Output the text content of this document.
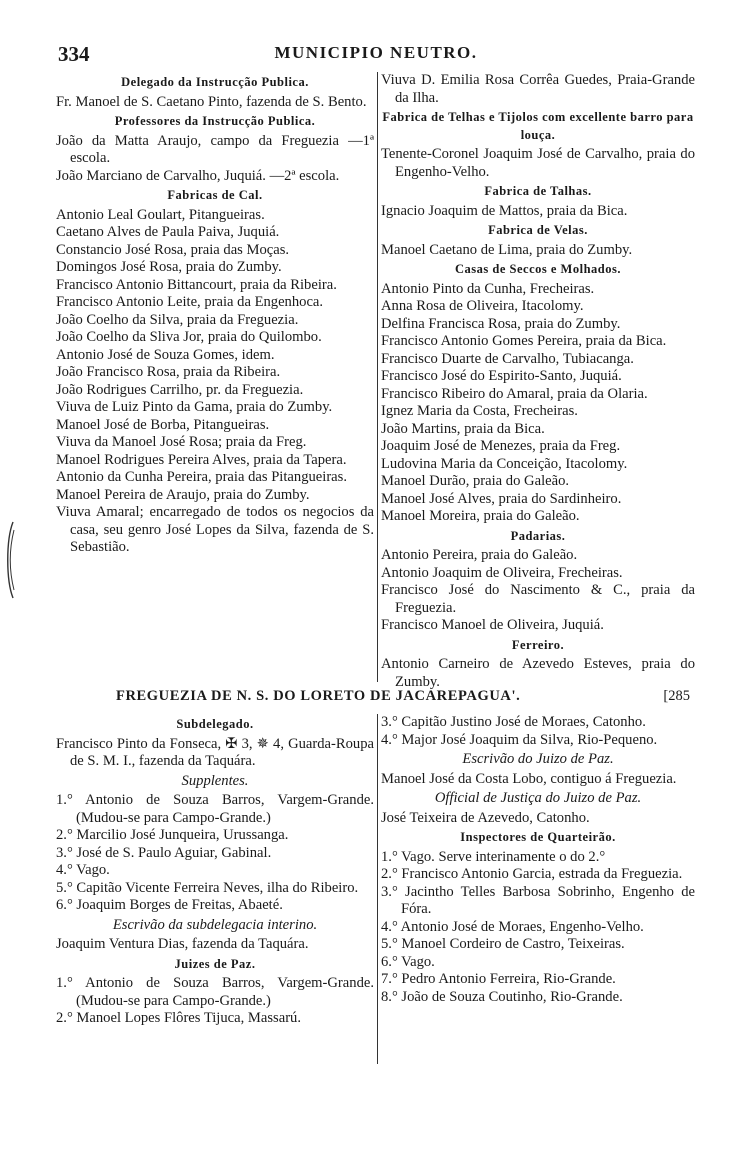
334	MUNICIPIO NEUTRO.
Delegado da Instrucção Publica.
Fr. Manoel de S. Caetano Pinto, fazenda de S. Bento.
Professores da Instrucção Publica.
João da Matta Araujo, campo da Freguezia —1ª escola.
João Marciano de Carvalho, Juquiá. —2ª escola.
Fabricas de Cal.
Antonio Leal Goulart, Pitangueiras.
Caetano Alves de Paula Paiva, Juquiá.
Constancio José Rosa, praia das Moças.
Domingos José Rosa, praia do Zumby.
Francisco Antonio Bittancourt, praia da Ribeira.
Francisco Antonio Leite, praia da Engenhoca.
João Coelho da Silva, praia da Freguezia.
João Coelho da Sliva Jor, praia do Quilombo.
Antonio José de Souza Gomes, idem.
João Francisco Rosa, praia da Ribeira.
João Rodrigues Carrilho, pr. da Freguezia.
Viuva de Luiz Pinto da Gama, praia do Zumby.
Manoel José de Borba, Pitangueiras.
Viuva da Manoel José Rosa; praia da Freg.
Manoel Rodrigues Pereira Alves, praia da Tapera.
Antonio da Cunha Pereira, praia das Pitangueiras.
Manoel Pereira de Araujo, praia do Zumby.
Viuva Amaral; encarregado de todos os negocios da casa, seu genro José Lopes da Silva, fazenda de S. Sebastião.
Viuva D. Emilia Rosa Corrêa Guedes, Praia-Grande da Ilha.
Fabrica de Telhas e Tijolos com excellente barro para louça.
Tenente-Coronel Joaquim José de Carvalho, praia do Engenho-Velho.
Fabrica de Talhas.
Ignacio Joaquim de Mattos, praia da Bica.
Fabrica de Velas.
Manoel Caetano de Lima, praia do Zumby.
Casas de Seccos e Molhados.
Antonio Pinto da Cunha, Frecheiras.
Anna Rosa de Oliveira, Itacolomy.
Delfina Francisca Rosa, praia do Zumby.
Francisco Antonio Gomes Pereira, praia da Bica.
Francisco Duarte de Carvalho, Tubiacanga.
Francisco José do Espirito-Santo, Juquiá.
Francisco Ribeiro do Amaral, praia da Olaria.
Ignez Maria da Costa, Frecheiras.
João Martins, praia da Bica.
Joaquim José de Menezes, praia da Freg.
Ludovina Maria da Conceição, Itacolomy.
Manoel Durão, praia do Galeão.
Manoel José Alves, praia do Sardinheiro.
Manoel Moreira, praia do Galeão.
Padarias.
Antonio Pereira, praia do Galeão.
Antonio Joaquim de Oliveira, Frecheiras.
Francisco José do Nascimento & C., praia da Freguezia.
Francisco Manoel de Oliveira, Juquiá.
Ferreiro.
Antonio Carneiro de Azevedo Esteves, praia do Zumby.
FREGUEZIA DE N. S. DO LORETO DE JACAREPAGUA'.	[285
Subdelegado.
Francisco Pinto da Fonseca, ✠ 3, ✵ 4, Guarda-Roupa de S. M. I., fazenda da Taquára.
Supplentes.
1.° Antonio de Souza Barros, Vargem-Grande. (Mudou-se para Campo-Grande.)
2.° Marcilio José Junqueira, Urussanga.
3.° José de S. Paulo Aguiar, Gabinal.
4.° Vago.
5.° Capitão Vicente Ferreira Neves, ilha do Ribeiro.
6.° Joaquim Borges de Freitas, Abaeté.
Escrivão da subdelegacia interino.
Joaquim Ventura Dias, fazenda da Taquára.
Juizes de Paz.
1.° Antonio de Souza Barros, Vargem-Grande. (Mudou-se para Campo-Grande.)
2.° Manoel Lopes Flôres Tijuca, Massarú.
3.° Capitão Justino José de Moraes, Catonho.
4.° Major José Joaquim da Silva, Rio-Pequeno.
Escrivão do Juizo de Paz.
Manoel José da Costa Lobo, contiguo á Freguezia.
Official de Justiça do Juizo de Paz.
José Teixeira de Azevedo, Catonho.
Inspectores de Quarteirão.
1.° Vago. Serve interinamente o do 2.°
2.° Francisco Antonio Garcia, estrada da Freguezia.
3.° Jacintho Telles Barbosa Sobrinho, Engenho de Fóra.
4.° Antonio José de Moraes, Engenho-Velho.
5.° Manoel Cordeiro de Castro, Teixeiras.
6.° Vago.
7.° Pedro Antonio Ferreira, Rio-Grande.
8.° João de Souza Coutinho, Rio-Grande.
